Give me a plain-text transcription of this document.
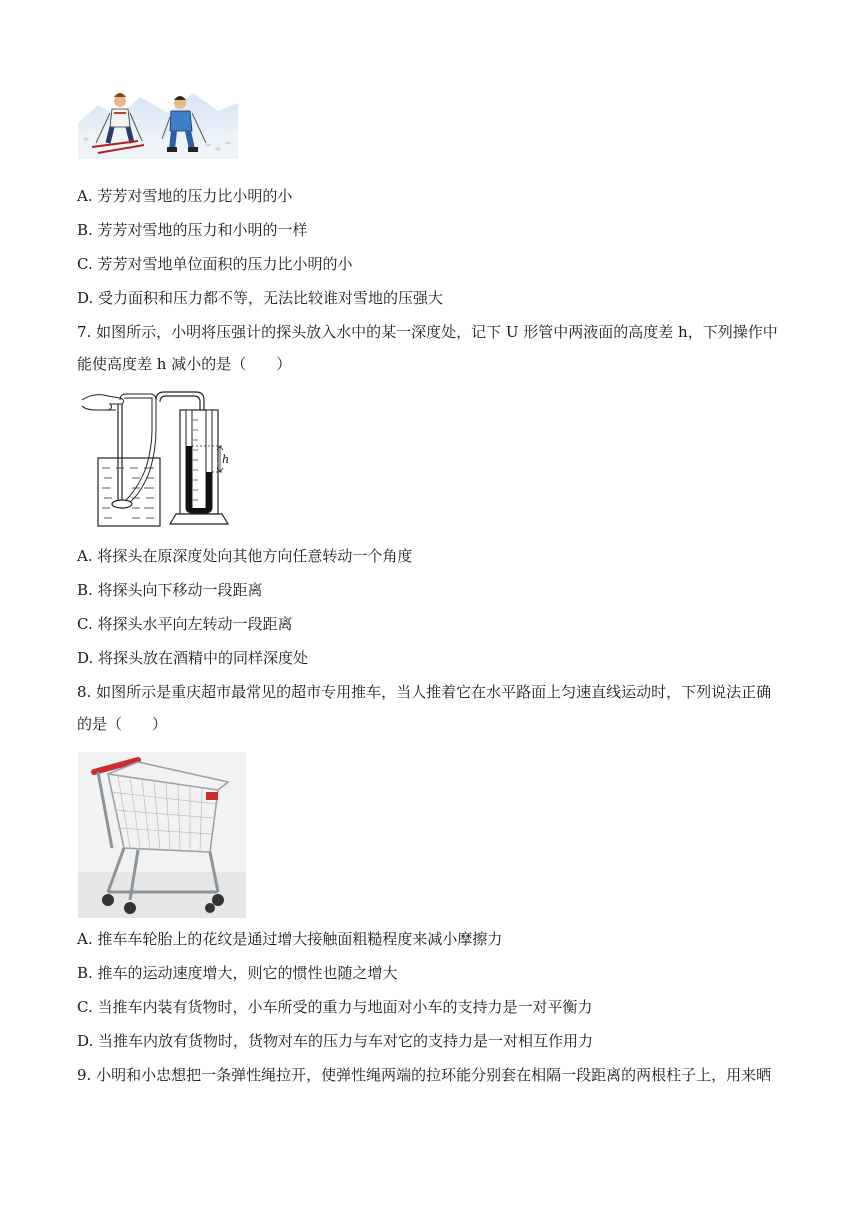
A. 芳芳对雪地的压力比小明的小
B. 芳芳对雪地的压力和小明的一样
C. 芳芳对雪地单位面积的压力比小明的小
D. 受力面积和压力都不等，无法比较谁对雪地的压强大
7. 如图所示，小明将压强计的探头放入水中的某一深度处，记下 U 形管中两液面的高度差 h，下列操作中
能使高度差 h 减小的是（　　）
h
A. 将探头在原深度处向其他方向任意转动一个角度
B. 将探头向下移动一段距离
C. 将探头水平向左转动一段距离
D. 将探头放在酒精中的同样深度处
8. 如图所示是重庆超市最常见的超市专用推车，当人推着它在水平路面上匀速直线运动时，下列说法正确
的是（　　）
A. 推车车轮胎上的花纹是通过增大接触面粗糙程度来减小摩擦力
B. 推车的运动速度增大，则它的惯性也随之增大
C. 当推车内装有货物时，小车所受的重力与地面对小车的支持力是一对平衡力
D. 当推车内放有货物时，货物对车的压力与车对它的支持力是一对相互作用力
9. 小明和小忠想把一条弹性绳拉开，使弹性绳两端的拉环能分别套在相隔一段距离的两根柱子上，用来晒
